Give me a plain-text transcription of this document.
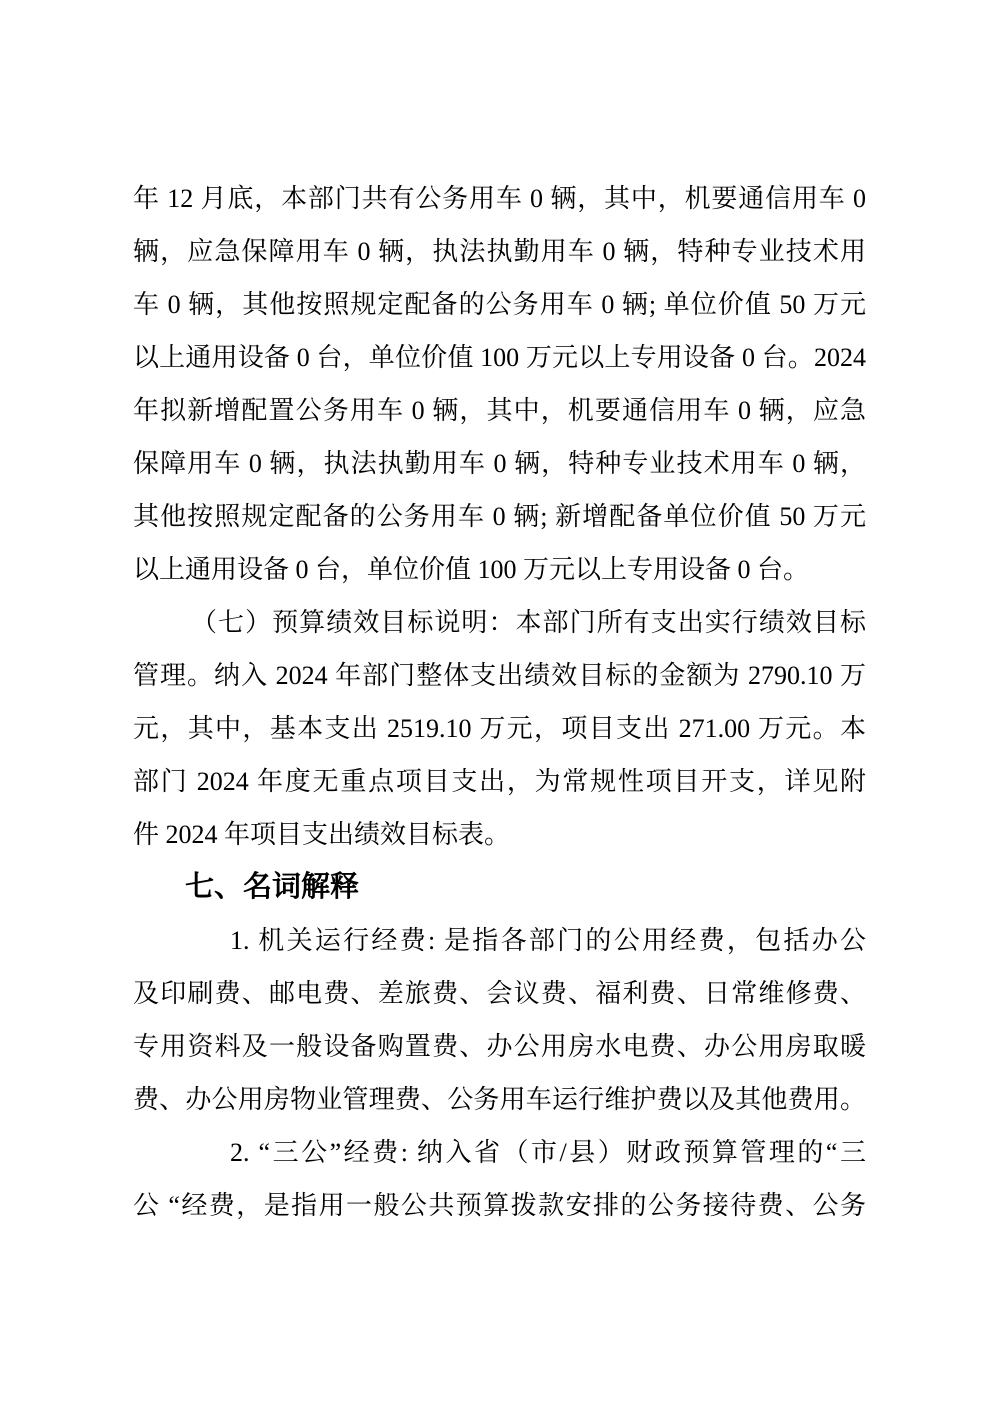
年 12 月底，本部门共有公务用车 0 辆，其中，机要通信用车 0
辆，应急保障用车 0 辆，执法执勤用车 0 辆，特种专业技术用
车 0 辆，其他按照规定配备的公务用车 0 辆; 单位价值 50 万元
以上通用设备 0 台，单位价值 100 万元以上专用设备 0 台。2024
年拟新增配置公务用车 0 辆，其中，机要通信用车 0 辆，应急
保障用车 0 辆，执法执勤用车 0 辆，特种专业技术用车 0 辆，
其他按照规定配备的公务用车 0 辆; 新增配备单位价值 50 万元
以上通用设备 0 台，单位价值 100 万元以上专用设备 0 台。
（七）预算绩效目标说明：本部门所有支出实行绩效目标
管理。纳入 2024 年部门整体支出绩效目标的金额为 2790.10 万
元，其中，基本支出 2519.10 万元，项目支出 271.00 万元。本
部门 2024 年度无重点项目支出，为常规性项目开支，详见附
件 2024 年项目支出绩效目标表。
七、名词解释
1. 机关运行经费: 是指各部门的公用经费，包括办公
及印刷费、邮电费、差旅费、会议费、福利费、日常维修费、
专用资料及一般设备购置费、办公用房水电费、办公用房取暖
费、办公用房物业管理费、公务用车运行维护费以及其他费用。
2. “三公”经费: 纳入省（市/县）财政预算管理的“三
公 “经费，是指用一般公共预算拨款安排的公务接待费、公务
